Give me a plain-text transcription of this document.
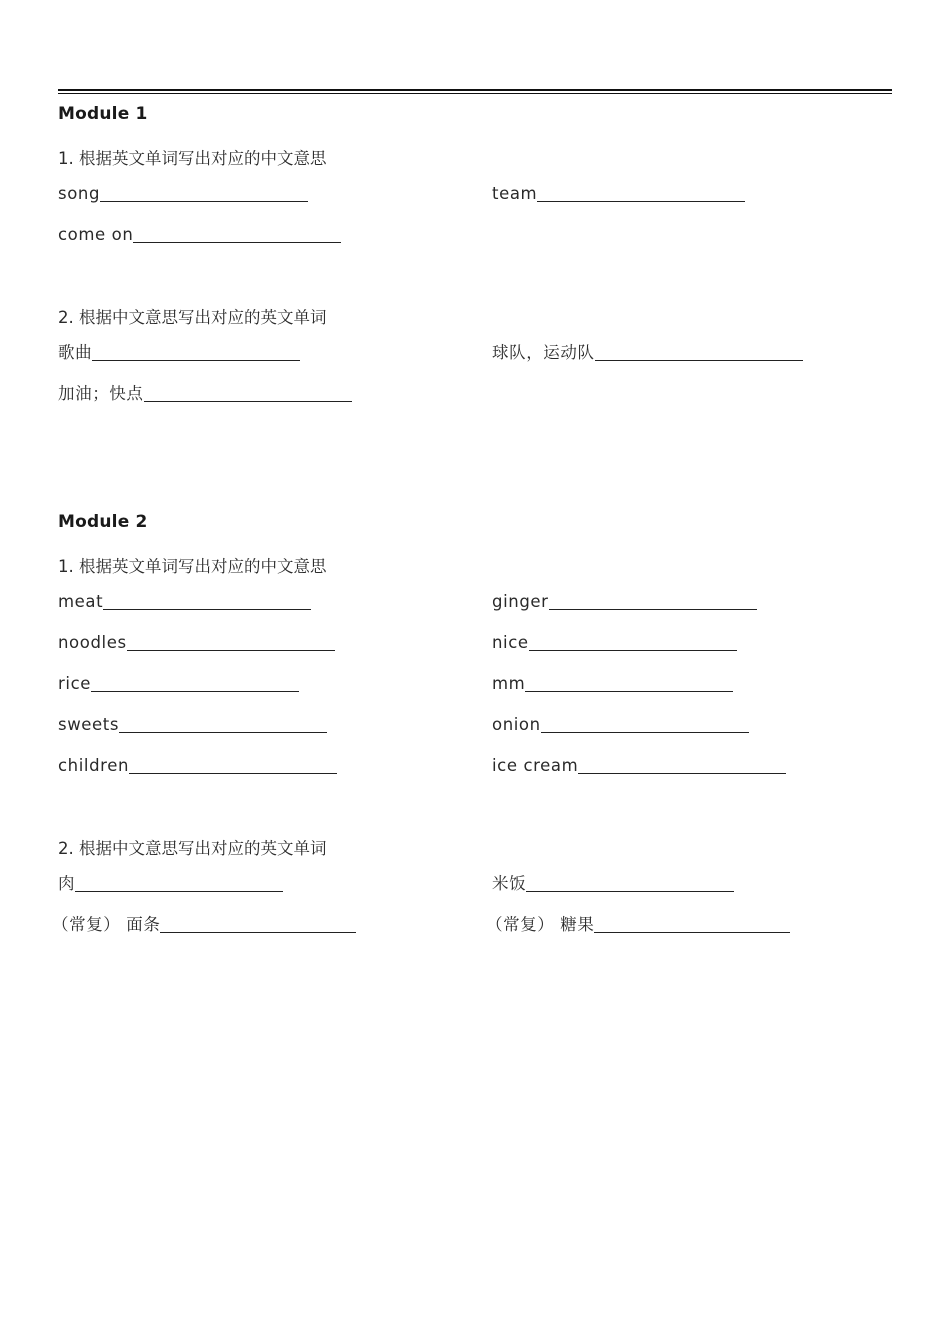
Module 1
1. 根据英文单词写出对应的中文意思
song	team
come on
2. 根据中文意思写出对应的英文单词
歌曲	球队，运动队
加油；快点
Module 2
1. 根据英文单词写出对应的中文意思
meat	ginger
noodles	nice
rice	mm
sweets	onion
children	ice cream
2. 根据中文意思写出对应的英文单词
肉	米饭
（常复） 面条	（常复） 糖果
